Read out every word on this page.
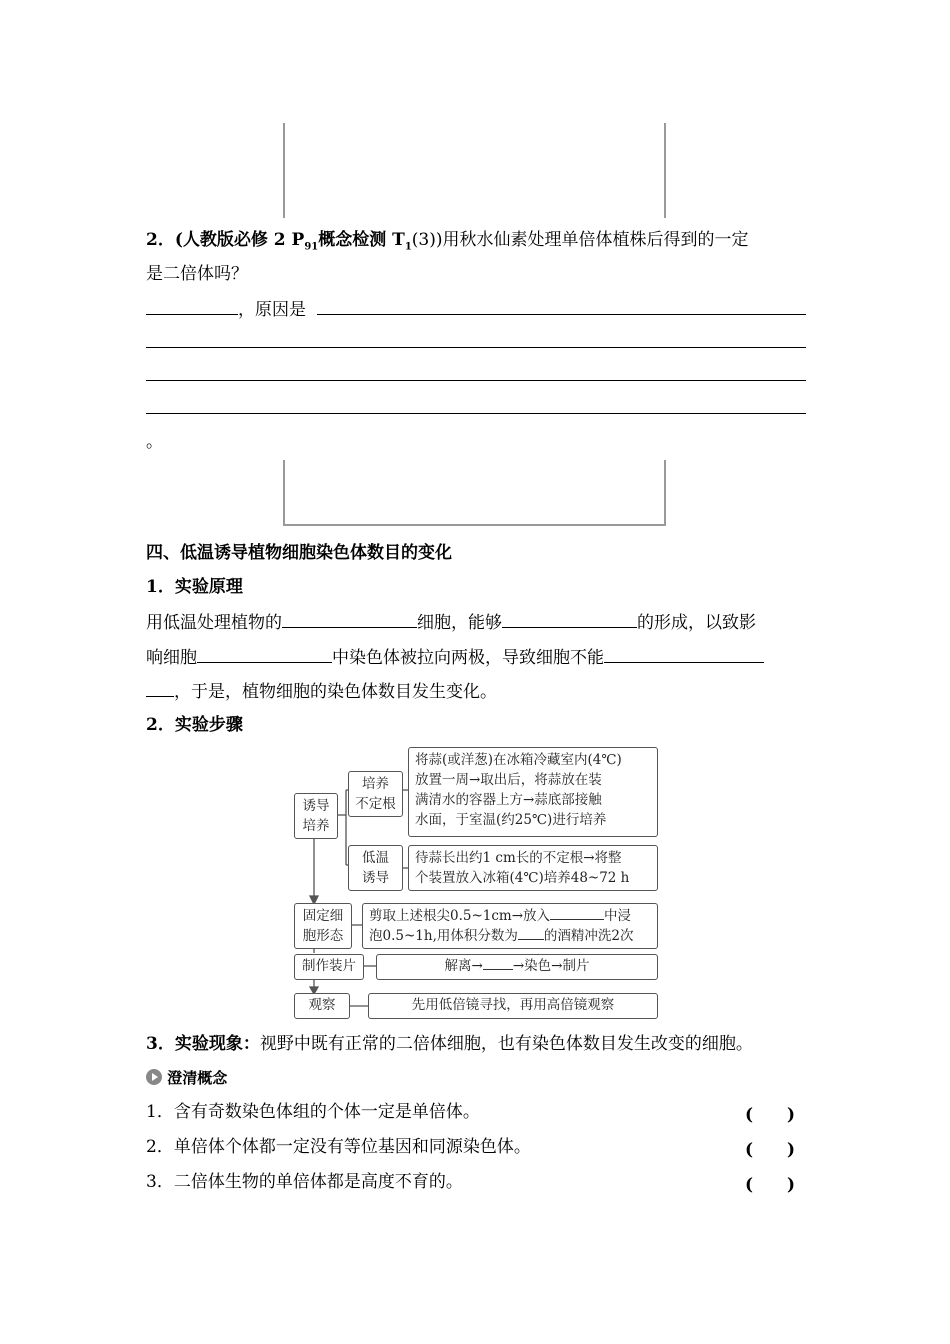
2．(人教版必修 2 $P_{91}$概念检测 $T_1(3)$)用秋水仙素处理单倍体植株后得到的一定
是二倍体吗？
，原因是
。
四、低温诱导植物细胞染色体数目的变化
1．实验原理
用低温处理植物的	细胞，能够	的形成，以致影
响细胞	中染色体被拉向两极，导致细胞不能
，于是，植物细胞的染色体数目发生变化。
2．实验步骤
诱导
培养
培养
不定根
将蒜(或洋葱)在冰箱冷藏室内(4℃)
放置一周→取出后，将蒜放在装
满清水的容器上方→蒜底部接触
水面，于室温(约25℃)进行培养
低温
诱导
待蒜长出约1 cm长的不定根→将整
个装置放入冰箱(4℃)培养48~72 h
固定细
胞形态
剪取上述根尖0.5~1cm→放入	中浸
泡0.5~1h,用体积分数为 的酒精冲洗2次
制作装片	解离→ →染色→制片
观察	先用低倍镜寻找，再用高倍镜观察
3．实验现象：视野中既有正常的二倍体细胞，也有染色体数目发生改变的细胞。
澄清概念
1．含有奇数染色体组的个体一定是单倍体。	(　　)
2．单倍体个体都一定没有等位基因和同源染色体。	(　　)
3．二倍体生物的单倍体都是高度不育的。	(　　)
